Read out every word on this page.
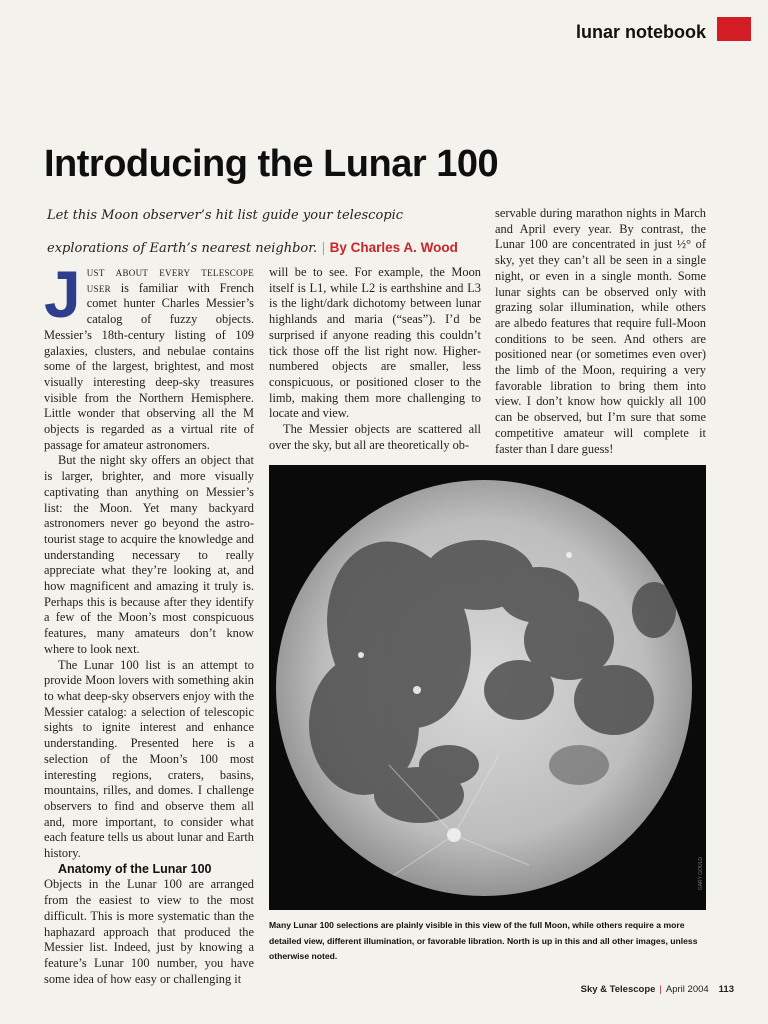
lunar notebook
Introducing the Lunar 100
Let this Moon observer’s hit list guide your telescopic explorations of Earth’s nearest neighbor. | By Charles A. Wood

Just about every telescope user is familiar with French comet hunter Charles Messier’s catalog of fuzzy objects. Messier’s 18th-century listing of 109 galaxies, clusters, and nebulae contains some of the largest, brightest, and most visually interesting deep-sky treasures visible from the Northern Hemisphere. Little wonder that observing all the M objects is regarded as a virtual rite of passage for amateur astronomers.

But the night sky offers an object that is larger, brighter, and more visually captivating than anything on Messier’s list: the Moon. Yet many backyard astronomers never go beyond the astro-tourist stage to acquire the knowledge and understanding necessary to really appreciate what they’re looking at, and how magnificent and amazing it truly is. Perhaps this is because after they identify a few of the Moon’s most conspicuous features, many amateurs don’t know where to look next.

The Lunar 100 list is an attempt to provide Moon lovers with something akin to what deep-sky observers enjoy with the Messier catalog: a selection of telescopic sights to ignite interest and enhance understanding. Presented here is a selection of the Moon’s 100 most interesting regions, craters, basins, mountains, rilles, and domes. I challenge observers to find and observe them all and, more important, to consider what each feature tells us about lunar and Earth history.

Anatomy of the Lunar 100

Objects in the Lunar 100 are arranged from the easiest to view to the most difficult. This is more systematic than the haphazard approach that produced the Messier list. Indeed, just by knowing a feature’s Lunar 100 number, you have some idea of how easy or challenging it

will be to see. For example, the Moon itself is L1, while L2 is earthshine and L3 is the light/dark dichotomy between lunar highlands and maria (“seas”). I’d be surprised if anyone reading this couldn’t tick those off the list right now. Higher-numbered objects are smaller, less conspicuous, or positioned closer to the limb, making them more challenging to locate and view.

The Messier objects are scattered all over the sky, but all are theoretically ob-

servable during marathon nights in March and April every year. By contrast, the Lunar 100 are concentrated in just ½° of sky, yet they can’t all be seen in a single night, or even in a single month. Some lunar sights can be observed only with grazing solar illumination, while others are albedo features that require full-Moon conditions to be seen. And others are positioned near (or sometimes even over) the limb of the Moon, requiring a very favorable libration to bring them into view. I don’t know how quickly all 100 can be observed, but I’m sure that some competitive amateur will complete it faster than I dare guess!

GARY GOULD
Many Lunar 100 selections are plainly visible in this view of the full Moon, while others require a more detailed view, different illumination, or favorable libration. North is up in this and all other images, unless otherwise noted.
Sky & Telescope | April 2004 113
